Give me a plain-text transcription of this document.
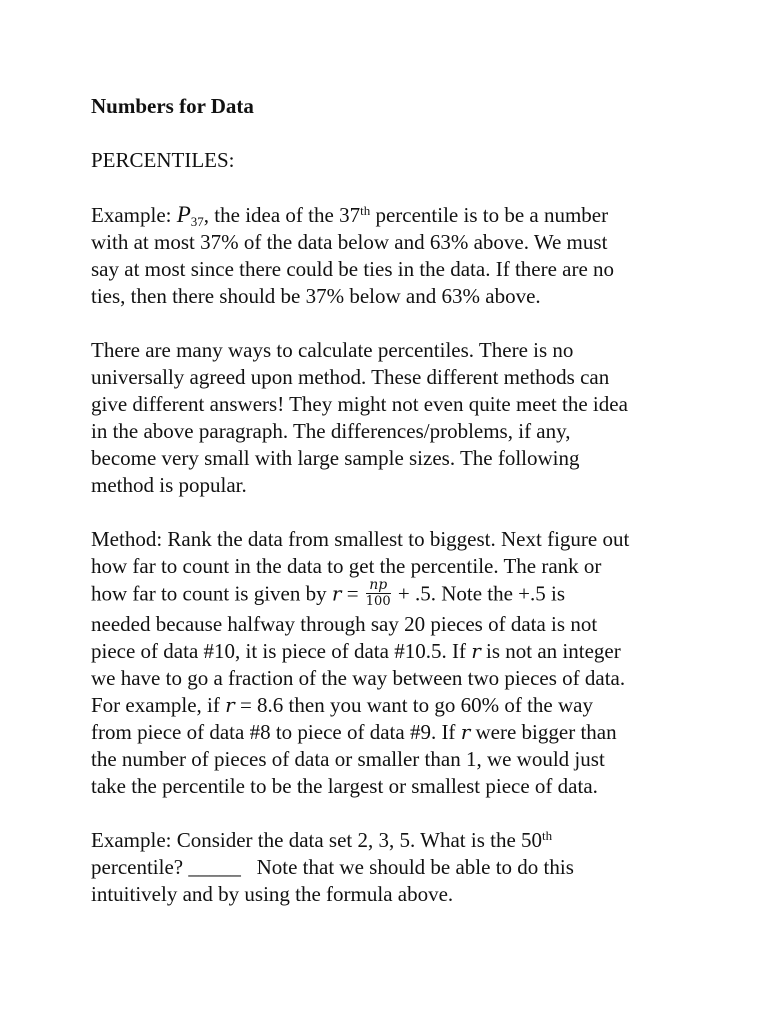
Numbers for Data
PERCENTILES:

Example: P37, the idea of the 37th percentile is to be a number
with at most 37% of the data below and 63% above. We must
say at most since there could be ties in the data. If there are no
ties, then there should be 37% below and 63% above.

There are many ways to calculate percentiles. There is no
universally agreed upon method. These different methods can
give different answers! They might not even quite meet the idea
in the above paragraph. The differences/problems, if any,
become very small with large sample sizes. The following
method is popular.

Method: Rank the data from smallest to biggest. Next figure out
how far to count in the data to get the percentile. The rank or
how far to count is given by $r = \frac{np}{100} + .5$. Note the +.5 is
needed because halfway through say 20 pieces of data is not
piece of data #10, it is piece of data #10.5. If r is not an integer
we have to go a fraction of the way between two pieces of data.
For example, if r = 8.6 then you want to go 60% of the way
from piece of data #8 to piece of data #9. If r were bigger than
the number of pieces of data or smaller than 1, we would just
take the percentile to be the largest or smallest piece of data.

Example: Consider the data set 2, 3, 5. What is the 50th
percentile? _____   Note that we should be able to do this
intuitively and by using the formula above.
